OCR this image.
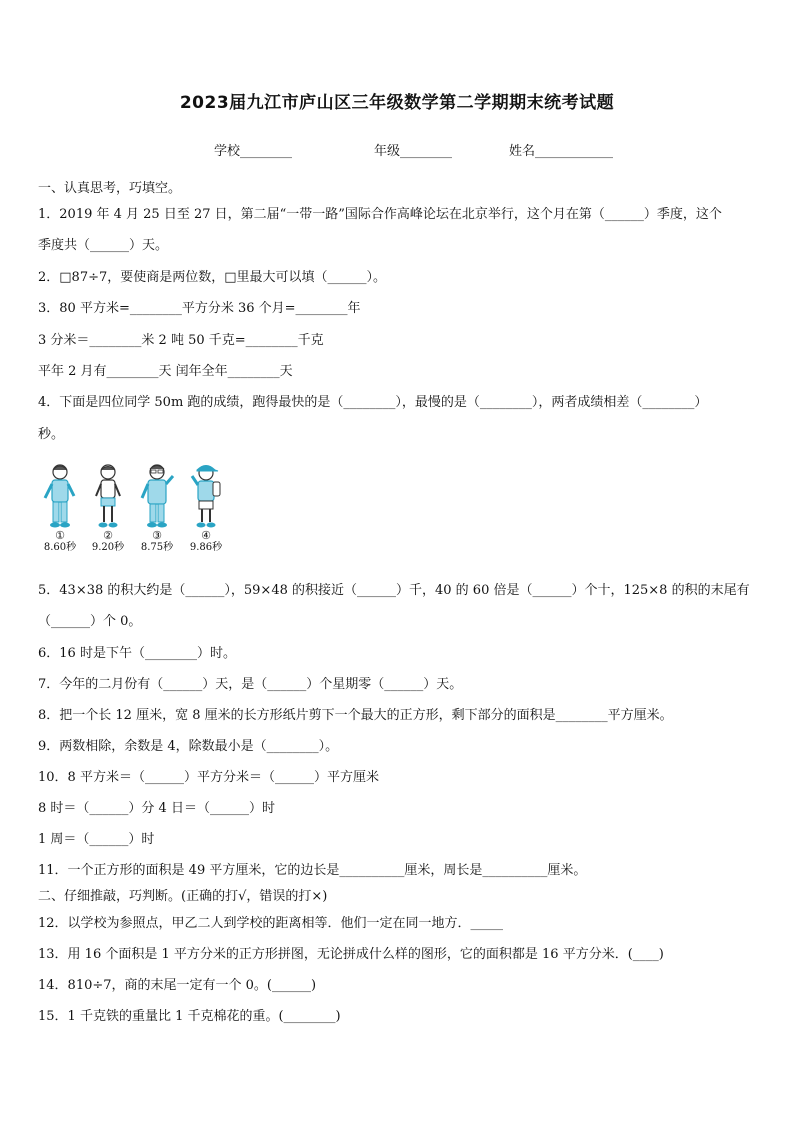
2023届九江市庐山区三年级数学第二学期期末统考试题
学校________	年级________	姓名____________
一、认真思考，巧填空。
1．2019 年 4 月 25 日至 27 日，第二届“一带一路”国际合作高峰论坛在北京举行，这个月在第（______）季度，这个
季度共（______）天。
2．□87÷7，要使商是两位数，□里最大可以填（______）。
3．80 平方米=________平方分米 36 个月=________年
3 分米＝________米 2 吨 50 千克=________千克
平年 2 月有________天 闰年全年________天
4．下面是四位同学 50m 跑的成绩，跑得最快的是（________），最慢的是（________），两者成绩相差（________）
秒。
①
8.60秒
②
9.20秒
③
8.75秒
④
9.86秒
5．43×38 的积大约是（______），59×48 的积接近（______）千，40 的 60 倍是（______）个十，125×8 的积的末尾有
（______）个 0。
6．16 时是下午（________）时。
7．今年的二月份有（______）天，是（______）个星期零（______）天。
8．把一个长 12 厘米，宽 8 厘米的长方形纸片剪下一个最大的正方形，剩下部分的面积是________平方厘米。
9．两数相除，余数是 4，除数最小是（________）。
10．8 平方米＝（______）平方分米＝（______）平方厘米
8 时＝（______）分 4 日＝（______）时
1 周＝（______）时
11．一个正方形的面积是 49 平方厘米，它的边长是__________厘米，周长是__________厘米。
二、仔细推敲，巧判断。(正确的打√，错误的打×)
12．以学校为参照点，甲乙二人到学校的距离相等．他们一定在同一地方．_____
13．用 16 个面积是 1 平方分米的正方形拼图，无论拼成什么样的图形，它的面积都是 16 平方分米．(____)
14．810÷7，商的末尾一定有一个 0。(______)
15．1 千克铁的重量比 1 千克棉花的重。(________)
